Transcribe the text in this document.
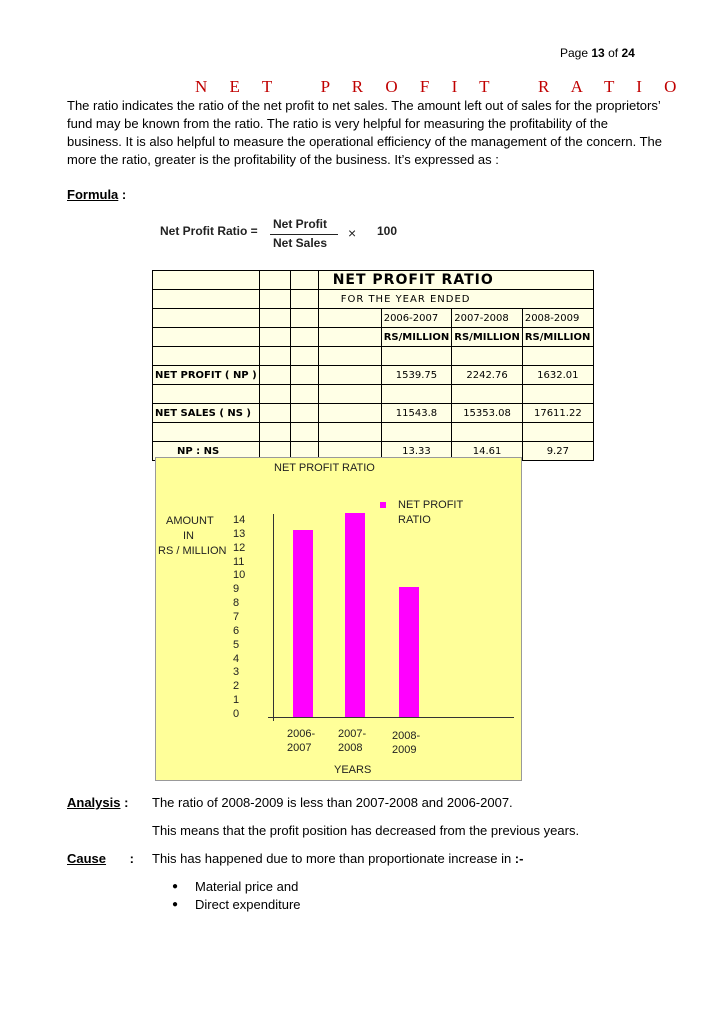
Page 13 of 24
N E T   P R O F I T   R A T I O
The ratio indicates the ratio of the net profit to net sales. The amount left out of sales for the proprietors’ fund may be known from the ratio. The ratio is very helpful for measuring the profitability of the business. It is also helpful to measure the operational efficiency of the management of the concern. The more the ratio, greater is the profitability of the business. It’s expressed as :
Formula :
Net Profit Ratio = Net Profit
Net Sales
× 100
			NET PROFIT RATIO			
			FOR THE YEAR ENDED			
				2006-2007	2007-2008	2008-2009
				RS/MILLION	RS/MILLION	RS/MILLION

NET PROFIT ( NP )				1539.75	2242.76	1632.01

NET SALES ( NS )				11543.8	15353.08	17611.22

NP : NS				13.33	14.61	9.27
NET PROFIT RATIO
AMOUNT
IN
RS / MILLION
NET PROFIT
RATIO
14
13
12
11
10
9
8
7
6
5
4
3
2
1
0
2006-
2007
2007-
2008
2008-
2009
YEARS
Analysis : The ratio of 2008-2009 is less than 2007-2008 and 2006-2007.
This means that the profit position has decreased from the previous years.
Cause : This has happened due to more than proportionate increase in :-
● Material price and
● Direct expenditure
